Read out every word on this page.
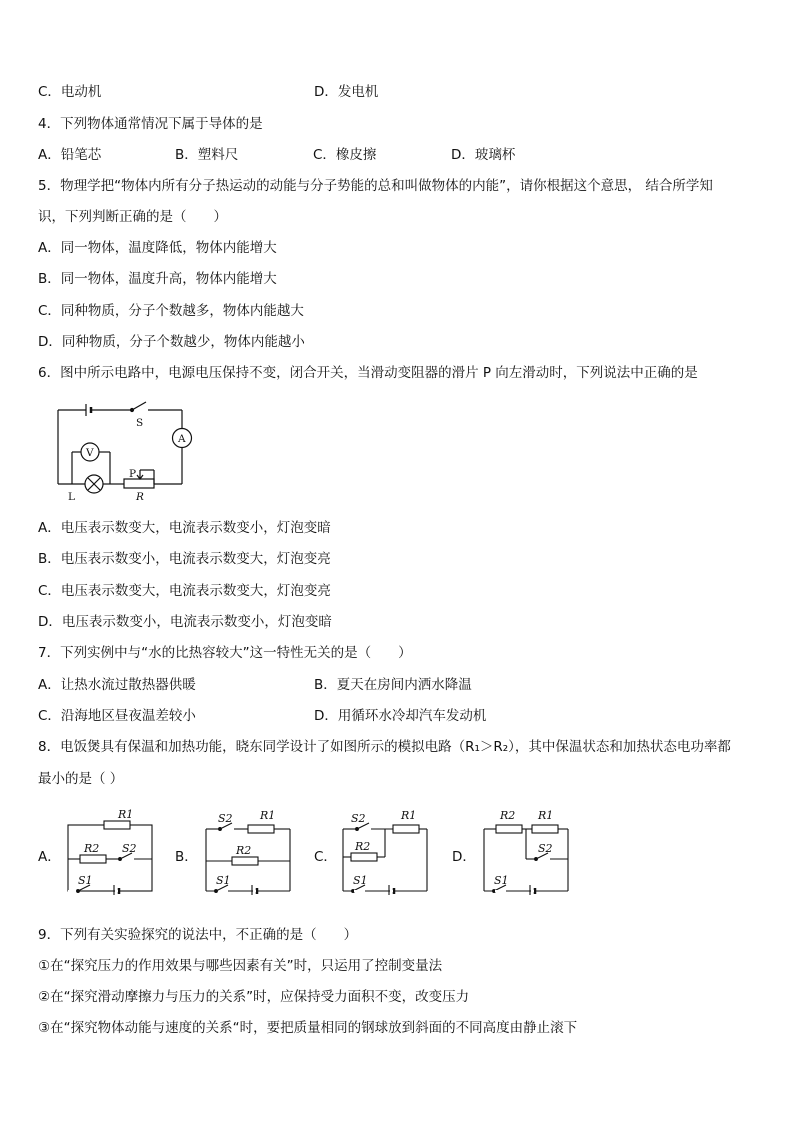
C．电动机	D．发电机
4．下列物体通常情况下属于导体的是
A．铅笔芯	B．塑料尺	C．橡皮擦	D．玻璃杯
5．物理学把“物体内所有分子热运动的动能与分子势能的总和叫做物体的内能”，请你根据这个意思， 结合所学知
识，下列判断正确的是（　　）
A．同一物体，温度降低，物体内能增大
B．同一物体，温度升高，物体内能增大
C．同种物质，分子个数越多，物体内能越大
D．同种物质，分子个数越少，物体内能越小
6．图中所示电路中，电源电压保持不变，闭合开关，当滑动变阻器的滑片 P 向左滑动时，下列说法中正确的是
S
A
V
L
P
R
A．电压表示数变大，电流表示数变小，灯泡变暗
B．电压表示数变小，电流表示数变大，灯泡变亮
C．电压表示数变大，电流表示数变大，灯泡变亮
D．电压表示数变小，电流表示数变小，灯泡变暗
7．下列实例中与“水的比热容较大”这一特性无关的是（　　）
A．让热水流过散热器供暖	B．夏天在房间内洒水降温
C．沿海地区昼夜温差较小	D．用循环水冷却汽车发动机
8．电饭煲具有保温和加热功能，晓东同学设计了如图所示的模拟电路（R₁＞R₂），其中保温状态和加热状态电功率都
最小的是（ ）
A．
R1
R2 S2
S1
B．
S2 R1
R2
S1
C．
S2	R1
R2
S1
D．
R2 R1
S2
S1
9．下列有关实验探究的说法中，不正确的是（　　）
①在“探究压力的作用效果与哪些因素有关”时，只运用了控制变量法
②在“探究滑动摩擦力与压力的关系”时，应保持受力面积不变，改变压力
③在“探究物体动能与速度的关系“时，要把质量相同的钢球放到斜面的不同高度由静止滚下
